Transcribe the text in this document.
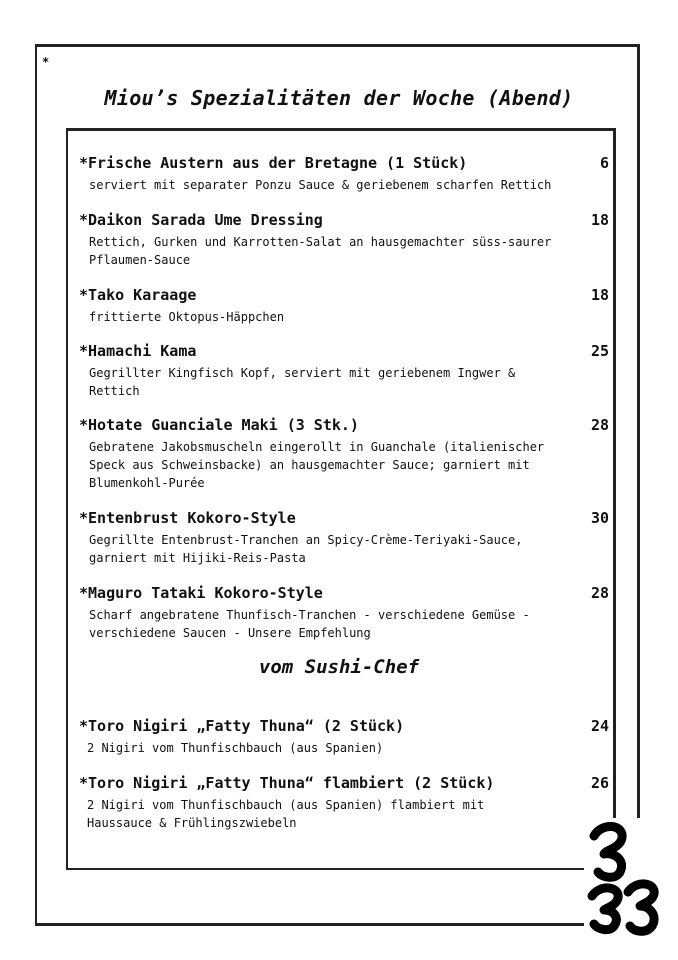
*
Miou’s Spezialitäten der Woche (Abend)
*Frische Austern aus der Bretagne (1 Stück)	6
serviert mit separater Ponzu Sauce & geriebenem scharfen Rettich
*Daikon Sarada Ume Dressing	18
Rettich, Gurken und Karrotten-Salat an hausgemachter süss-saurer Pflaumen-Sauce
*Tako Karaage	18
frittierte Oktopus-Häppchen
*Hamachi Kama	25
Gegrillter Kingfisch Kopf, serviert mit geriebenem Ingwer & Rettich
*Hotate Guanciale Maki (3 Stk.)	28
Gebratene Jakobsmuscheln eingerollt in Guanchale (italienischer Speck aus Schweinsbacke) an hausgemachter Sauce; garniert mit Blumenkohl-Purée
*Entenbrust Kokoro-Style	30
Gegrillte Entenbrust-Tranchen an Spicy-Crème-Teriyaki-Sauce, garniert mit Hijiki-Reis-Pasta
*Maguro Tataki Kokoro-Style	28
Scharf angebratene Thunfisch-Tranchen - verschiedene Gemüse - verschiedene Saucen - Unsere Empfehlung
vom Sushi-Chef
*Toro Nigiri „Fatty Thuna“ (2 Stück)	24
2 Nigiri vom Thunfischbauch (aus Spanien)
*Toro Nigiri „Fatty Thuna“ flambiert (2 Stück)	26
2 Nigiri vom Thunfischbauch (aus Spanien) flambiert mit Haussauce & Frühlingszwiebeln
